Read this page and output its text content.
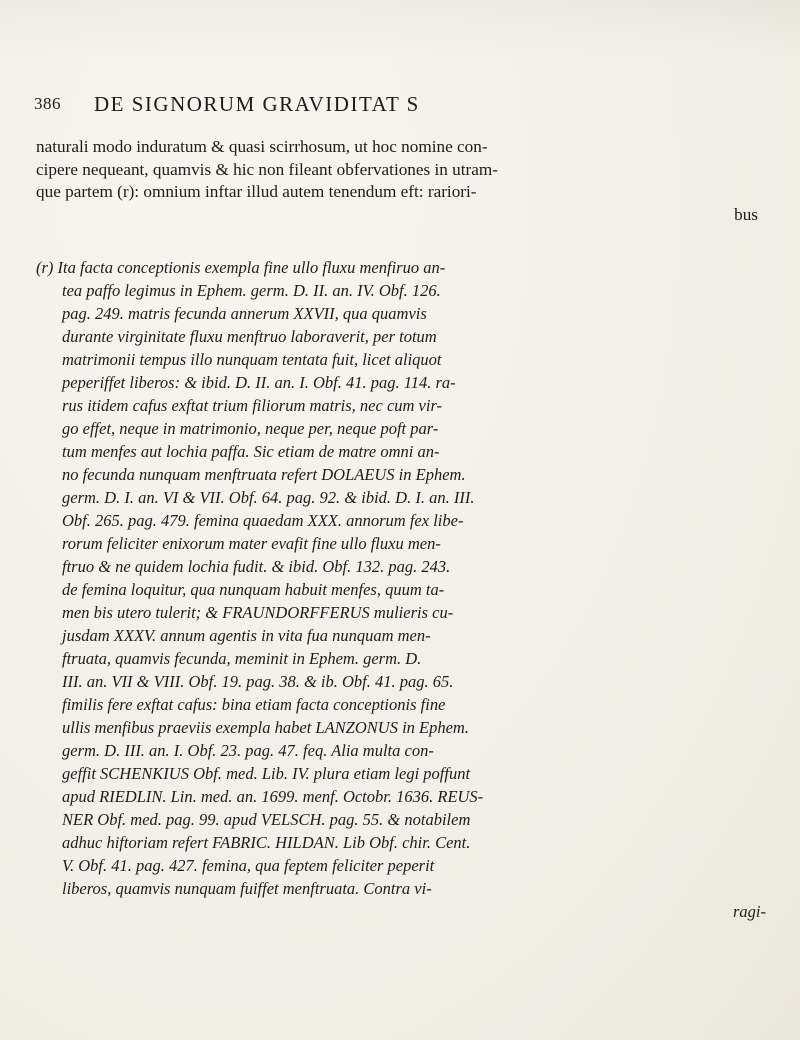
386 DE SIGNORUM GRAVIDITAT S
naturali modo induratum & quasi scirrhosum, ut hoc nomine con-
cipere nequeant, quamvis & hic non fileant obfervationes in utram-
que partem (r): omnium inftar illud autem tenendum eft: rariori-
bus
(r) Ita facta conceptionis exempla fine ullo fluxu menfiruo an-
tea paffo legimus in Ephem. germ. D. II. an. IV. Obf. 126.
pag. 249. matris fecunda annerum XXVII, qua quamvis
durante virginitate fluxu menftruo laboraverit, per totum
matrimonii tempus illo nunquam tentata fuit, licet aliquot
peperiffet liberos: & ibid. D. II. an. I. Obf. 41. pag. 114. ra-
rus itidem cafus exftat trium filiorum matris, nec cum vir-
go effet, neque in matrimonio, neque per, neque poft par-
tum menfes aut lochia paffa. Sic etiam de matre omni an-
no fecunda nunquam menftruata refert DOLAEUS in Ephem.
germ. D. I. an. VI & VII. Obf. 64. pag. 92. & ibid. D. I. an. III.
Obf. 265. pag. 479. femina quaedam XXX. annorum fex libe-
rorum feliciter enixorum mater evafit fine ullo fluxu men-
ftruo & ne quidem lochia fudit. & ibid. Obf. 132. pag. 243.
de femina loquitur, qua nunquam habuit menfes, quum ta-
men bis utero tulerit; & FRAUNDORFFERUS mulieris cu-
jusdam XXXV. annum agentis in vita fua nunquam men-
ftruata, quamvis fecunda, meminit in Ephem. germ. D.
III. an. VII & VIII. Obf. 19. pag. 38. & ib. Obf. 41. pag. 65.
fimilis fere exftat cafus: bina etiam facta conceptionis fine
ullis menfibus praeviis exempla habet LANZONUS in Ephem.
germ. D. III. an. I. Obf. 23. pag. 47. feq. Alia multa con-
geffit SCHENKIUS Obf. med. Lib. IV. plura etiam legi poffunt
apud RIEDLIN. Lin. med. an. 1699. menf. Octobr. 1636. REUS-
NER Obf. med. pag. 99. apud VELSCH. pag. 55. & notabilem
adhuc hiftoriam refert FABRIC. HILDAN. Lib Obf. chir. Cent.
V. Obf. 41. pag. 427. femina, qua feptem feliciter peperit
liberos, quamvis nunquam fuiffet menftruata. Contra vi-
ragi-
